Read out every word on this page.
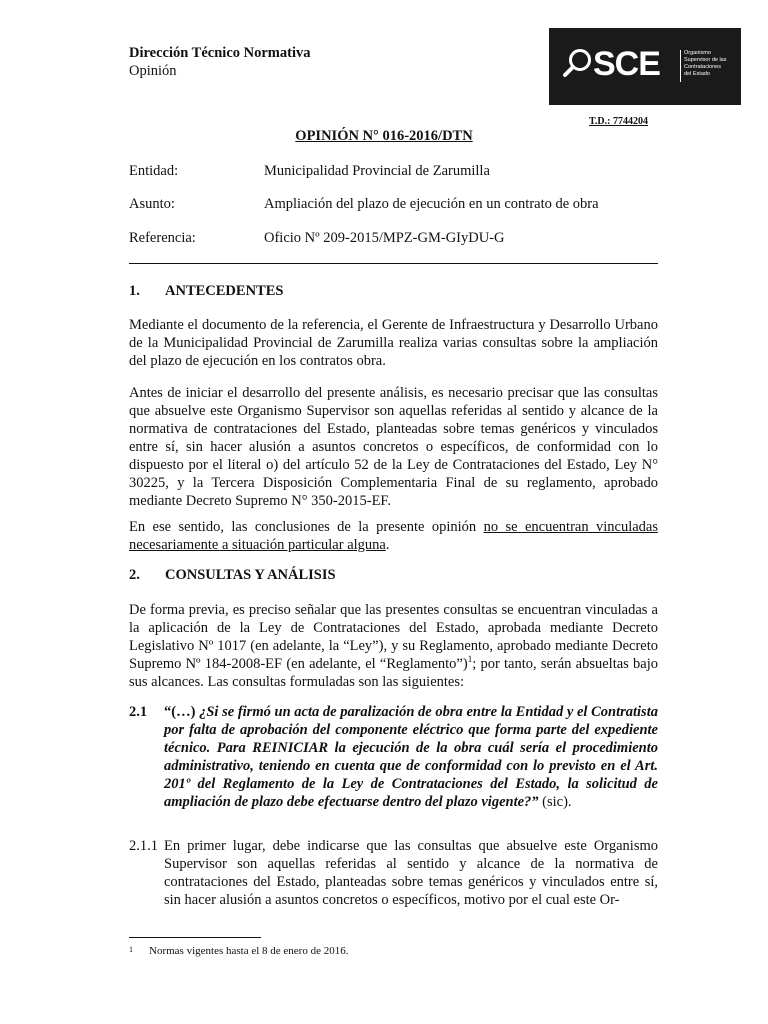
Dirección Técnico Normativa
Opinión	SCE	Organismo
Supervisor de las
Contrataciones
del Estado
T.D.: 7744204
OPINIÓN N° 016-2016/DTN
Entidad:	Municipalidad Provincial de Zarumilla
Asunto:	Ampliación del plazo de ejecución en un contrato de obra
Referencia:	Oficio Nº 209-2015/MPZ-GM-GIyDU-G
1. ANTECEDENTES
Mediante el documento de la referencia, el Gerente de Infraestructura y Desarrollo Urbano de la Municipalidad Provincial de Zarumilla realiza varias consultas sobre la ampliación del plazo de ejecución en los contratos obra.
Antes de iniciar el desarrollo del presente análisis, es necesario precisar que las consultas que absuelve este Organismo Supervisor son aquellas referidas al sentido y alcance de la normativa de contrataciones del Estado, planteadas sobre temas genéricos y vinculados entre sí, sin hacer alusión a asuntos concretos o específicos, de conformidad con lo dispuesto por el literal o) del artículo 52 de la Ley de Contrataciones del Estado, Ley N° 30225, y la Tercera Disposición Complementaria Final de su reglamento, aprobado mediante Decreto Supremo N° 350-2015-EF.
En ese sentido, las conclusiones de la presente opinión no se encuentran vinculadas necesariamente a situación particular alguna.
2. CONSULTAS Y ANÁLISIS
De forma previa, es preciso señalar que las presentes consultas se encuentran vinculadas a la aplicación de la Ley de Contrataciones del Estado, aprobada mediante Decreto Legislativo Nº 1017 (en adelante, la “Ley”), y su Reglamento, aprobado mediante Decreto Supremo Nº 184-2008-EF (en adelante, el “Reglamento”)$^1$; por tanto, serán absueltas bajo sus alcances. Las consultas formuladas son las siguientes:
2.1 “(…) ¿Si se firmó un acta de paralización de obra entre la Entidad y el Contratista por falta de aprobación del componente eléctrico que forma parte del expediente técnico. Para REINICIAR la ejecución de la obra cuál sería el procedimiento administrativo, teniendo en cuenta que de conformidad con lo previsto en el Art. 201º del Reglamento de la Ley de Contrataciones del Estado, la solicitud de ampliación de plazo debe efectuarse dentro del plazo vigente?” (sic).
2.1.1 En primer lugar, debe indicarse que las consultas que absuelve este Organismo Supervisor son aquellas referidas al sentido y alcance de la normativa de contrataciones del Estado, planteadas sobre temas genéricos y vinculados entre sí, sin hacer alusión a asuntos concretos o específicos, motivo por el cual este Or-
1 Normas vigentes hasta el 8 de enero de 2016.
